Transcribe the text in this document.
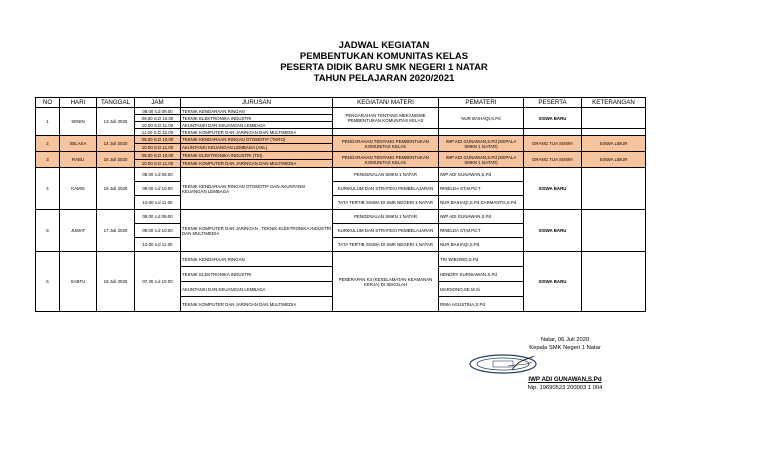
JADWAL KEGIATAN
PEMBENTUKAN KOMUNITAS KELAS
PESERTA DIDIK BARU SMK NEGERI 1 NATAR
TAHUN PELAJARAN 2020/2021
NO	HARI	TANGGAL	JAM	JURUSAN	KEGIATAN/ MATERI	PEMATERI	PESERTA	KETERANGAN
1	SENIN	13 Juli 2020	08.00 s.d 09.00	TEKNIK KENDARAAN RINGAN	PENGARAHAN TENTANG MEKANISME PEMBENTUKAN KOMUNITAS KELAS	NUR BAIHAQI,S.Pd	SISWA BARU	
			09.00 S.D 10.00	TEKNIK ELEKTRONIKA INDUSTRI				
			10.00 S.D 11.00	AKUNTANSI DAN KEUANGAN LEMBAGA				
			11.00 S.D 12.00	TEKNIK KOMPUTER DAN JARINGAN DAN MULTIMEDIA				
2	SELASA	14 Juli 2020	08.00 S.D 10.00	TEKNIK KENDARAAN RINGAN OTOMOTIF (TKRO)	PENGARAHAN TENTANG PEMBENTUKAN KOMUNITAS KELAS	IWP ADI GUNAWAN,S.Pd (KEPALA SMKN 1 NATAR)	ORANG TUA SISWA	SISWA LIBUR
			10.00 S.D 11.00	AKUNTANSI KEUANGAN LEMBAGA (AKL)				
3	RABU	15 Juli 2020	08.00 S.D 10.00	TEKNIK ELEKTRONIKA INDUSTRI (TEI)	PENGARAHAN TENTANG PEMBENTUKAN KOMUNITAS KELAS	IWP ADI GUNAWAN,S.Pd (KEPALA SMKN 1 NATAR)	ORANG TUA SISWA	SISWA LIBUR
			10.00 S.D 11.00	TEKNIK KOMPUTER DAN JARINGAN DAN MULTIMEDIA				
4	KAMIS	16 Juli 2020	08.00 s.d 09.00	TEKNIK KENDARAAN RINGAN OTOMOTIF DAN AKUNTANSI KEUANGAN LEMBAGA	PENGENALAN SMKN 1 NATAR	IWP ADI GUNAWAN,S.Pd	SISWA BARU	
			09.00 s.d 10.00		KURIKULUM DAN STRATEGI PEMBELAJARAN	RINELDA ST,M.Pd.T		
			10.00 s.d 11.00		TATA TERTIB SISWA DI SMK NEGERI 1 NATAR	NUR BAIHAQI,S.Pd DARMANTO,S.Pd		
5	JUMAT	17 Juli 2020	08.00 s.d 09.00	TEKNIK KOMPUTER DAN JARINGAN , TEKNIK ELEKTRONIKA INDUSTRI DAN MULTIMEDIA	PENGENALAN SMKN 1 NATAR	IWP ADI GUNAWAN,S.Pd	SISWA BARU	
			09.00 s.d 10.00		KURIKULUM DAN STRATEGI PEMBELAJARAN	RINELDA ST,M.Pd.T		
			10.00 s.d 11.00		TATA TERTIB SISWA DI SMK NEGERI 1 NATAR	NUR BAIHAQI,S.Pd		
6	SABTU	18 Juli 2020	07.30 s.d 10.00	TEKNIK KENDARAAN RINGAN	PENERAPAN K3 (KESELAMATAN KEAMANAN KERJA) DI SEKOLAH	TRI WIBOWO,S.Pd	SISWA BARU	
				TEKNIK ELEKTRONIKA INDUSTRI		HENDRY KURNIAWAN,S.Pd		
				AKUNTANSI DAN KEUANGAN LEMBAGA		MARSONO,SE.M.Si		
				TEKNIK KOMPUTER DAN JARINGAN DAN MULTIMEDIA		RIMA AGUSTINA,S.Pd		
Natar, 06 Juli 2020
Kepala SMK Negeri 1 Natar
IWP ADI GUNAWAN,S.Pd
Nip. 19690523 200003 1 004
